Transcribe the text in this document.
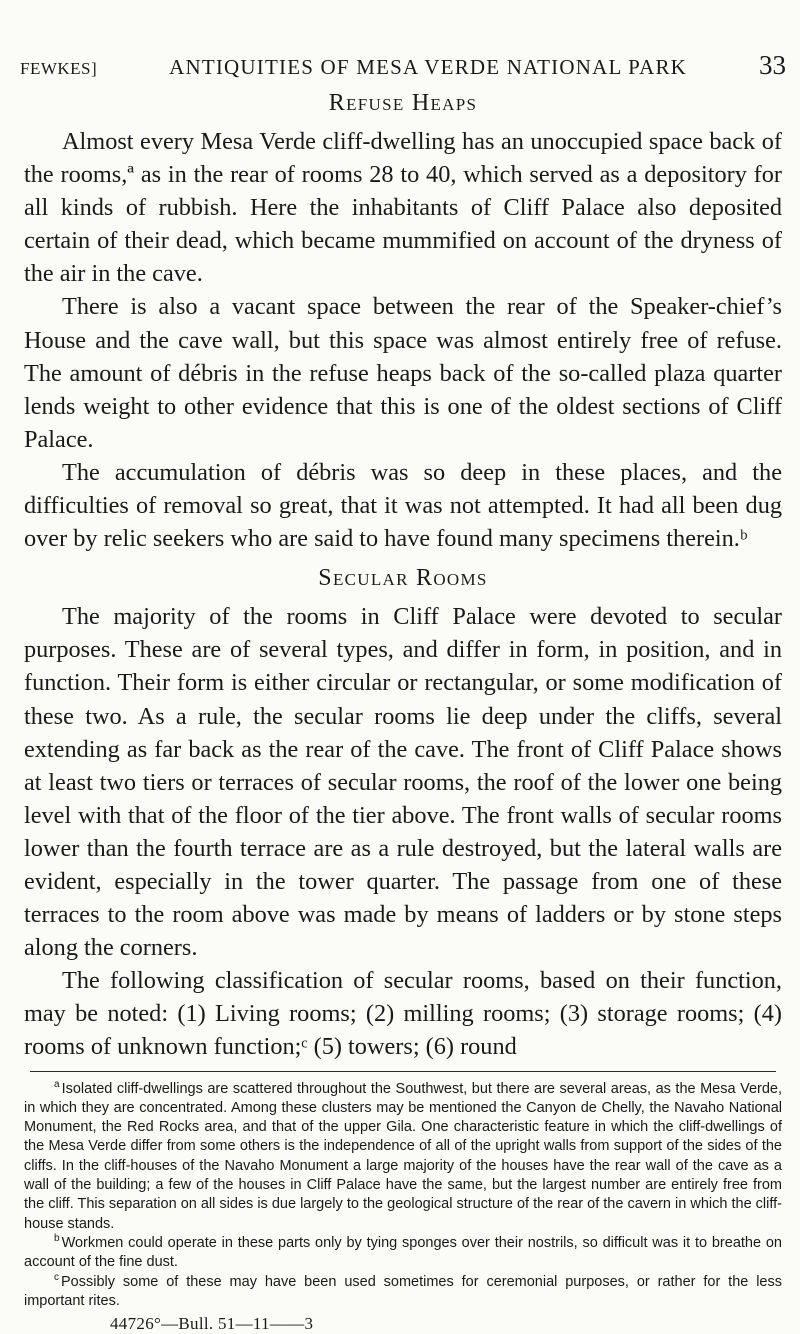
FEWKES]	ANTIQUITIES OF MESA VERDE NATIONAL PARK	33
Refuse Heaps

Almost every Mesa Verde cliff-dwelling has an unoccupied space back of the rooms,ª as in the rear of rooms 28 to 40, which served as a depository for all kinds of rubbish. Here the inhabitants of Cliff Palace also deposited certain of their dead, which became mummified on account of the dryness of the air in the cave.

There is also a vacant space between the rear of the Speaker-chief’s House and the cave wall, but this space was almost entirely free of refuse. The amount of débris in the refuse heaps back of the so-called plaza quarter lends weight to other evidence that this is one of the oldest sections of Cliff Palace.

The accumulation of débris was so deep in these places, and the difficulties of removal so great, that it was not attempted. It had all been dug over by relic seekers who are said to have found many specimens therein.ᵇ

Secular Rooms

The majority of the rooms in Cliff Palace were devoted to secular purposes. These are of several types, and differ in form, in position, and in function. Their form is either circular or rectangular, or some modification of these two. As a rule, the secular rooms lie deep under the cliffs, several extending as far back as the rear of the cave. The front of Cliff Palace shows at least two tiers or terraces of secular rooms, the roof of the lower one being level with that of the floor of the tier above. The front walls of secular rooms lower than the fourth terrace are as a rule destroyed, but the lateral walls are evident, especially in the tower quarter. The passage from one of these terraces to the room above was made by means of ladders or by stone steps along the corners.

The following classification of secular rooms, based on their function, may be noted: (1) Living rooms; (2) milling rooms; (3) storage rooms; (4) rooms of unknown function;ᶜ (5) towers; (6) round

$^a$ Isolated cliff-dwellings are scattered throughout the Southwest, but there are several areas, as the Mesa Verde, in which they are concentrated. Among these clusters may be mentioned the Canyon de Chelly, the Navaho National Monument, the Red Rocks area, and that of the upper Gila. One characteristic feature in which the cliff-dwellings of the Mesa Verde differ from some others is the independence of all of the upright walls from support of the sides of the cliffs. In the cliff-houses of the Navaho Monument a large majority of the houses have the rear wall of the cave as a wall of the building; a few of the houses in Cliff Palace have the same, but the largest number are entirely free from the cliff. This separation on all sides is due largely to the geological structure of the rear of the cavern in which the cliff-house stands.

$^b$ Workmen could operate in these parts only by tying sponges over their nostrils, so difficult was it to breathe on account of the fine dust.

$^c$ Possibly some of these may have been used sometimes for ceremonial purposes, or rather for the less important rites.

44726°—Bull. 51—11——3
